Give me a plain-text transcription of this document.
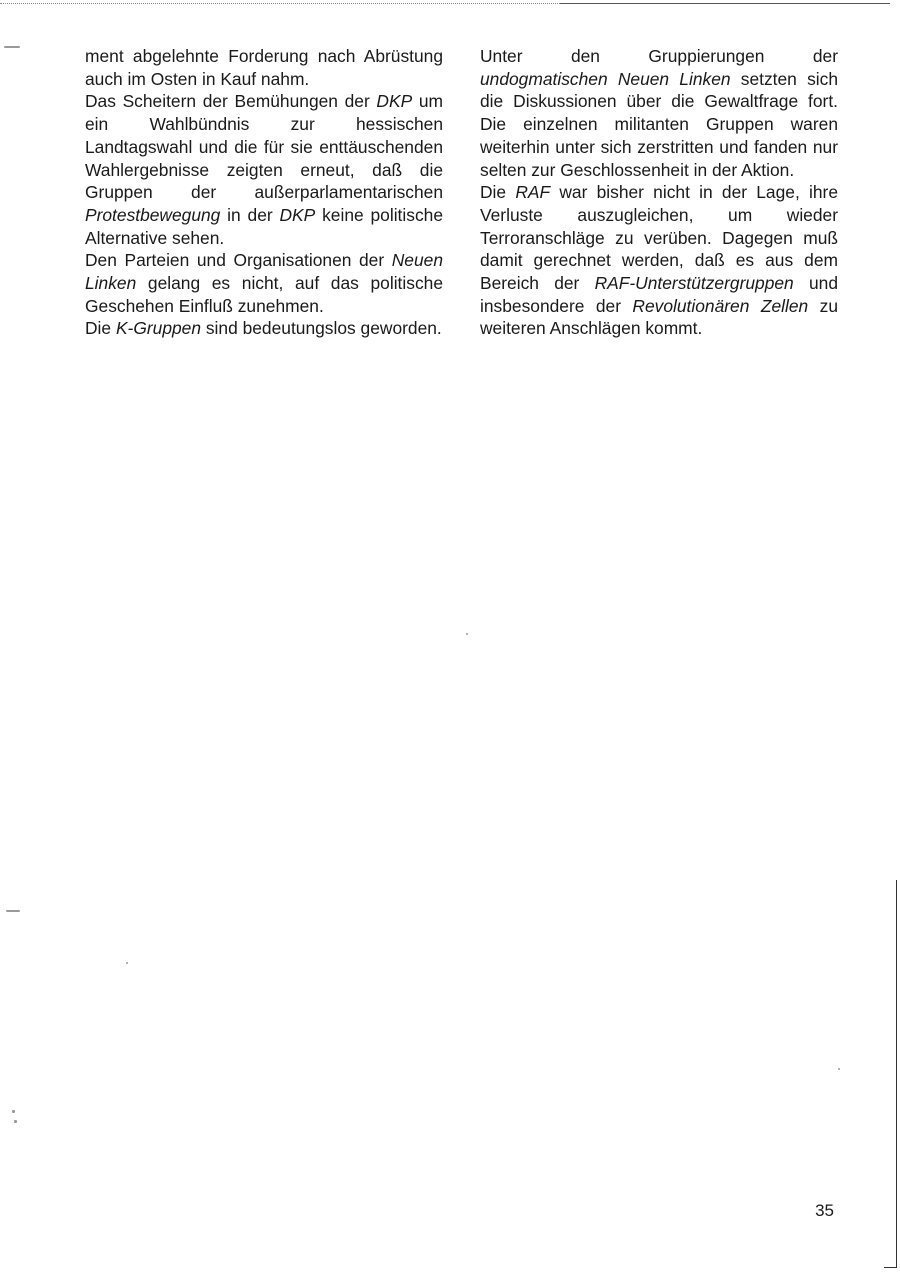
ment abgelehnte Forderung nach Abrüstung auch im Osten in Kauf nahm.

Das Scheitern der Bemühungen der DKP um ein Wahlbündnis zur hessischen Landtagswahl und die für sie enttäuschenden Wahlergebnisse zeigten erneut, daß die Gruppen der außerparlamentarischen Protestbewegung in der DKP keine politische Alternative sehen.

Den Parteien und Organisationen der Neuen Linken gelang es nicht, auf das politische Geschehen Einfluß zunehmen.

Die K-Gruppen sind bedeutungslos geworden.

Unter den Gruppierungen der undogmatischen Neuen Linken setzten sich die Diskussionen über die Gewaltfrage fort. Die einzelnen militanten Gruppen waren weiterhin unter sich zerstritten und fanden nur selten zur Geschlossenheit in der Aktion.

Die RAF war bisher nicht in der Lage, ihre Verluste auszugleichen, um wieder Terroranschläge zu verüben. Dagegen muß damit gerechnet werden, daß es aus dem Bereich der RAF-Unterstützergruppen und insbesondere der Revolutionären Zellen zu weiteren Anschlägen kommt.

35
